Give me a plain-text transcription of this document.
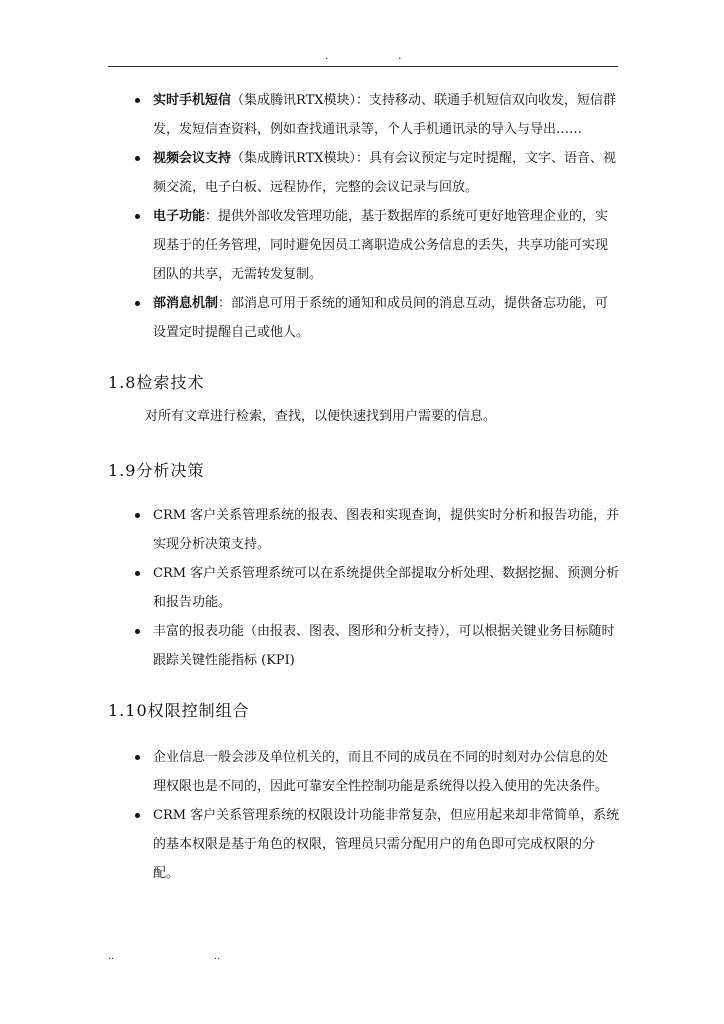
.	.
实时手机短信（集成腾讯RTX模块）：支持移动、联通手机短信双向收发，短信群发，发短信查资料，例如查找通讯录等，个人手机通讯录的导入与导出……
视频会议支持（集成腾讯RTX模块）：具有会议预定与定时提醒，文字、语音、视频交流，电子白板、远程协作，完整的会议记录与回放。
电子功能：提供外部收发管理功能，基于数据库的系统可更好地管理企业的，实现基于的任务管理，同时避免因员工离职造成公务信息的丢失，共享功能可实现团队的共享，无需转发复制。
部消息机制：部消息可用于系统的通知和成员间的消息互动，提供备忘功能，可设置定时提醒自己或他人。
1.8检索技术
对所有文章进行检索，查找，以便快速找到用户需要的信息。
1.9分析决策
CRM 客户关系管理系统的报表、图表和实现查询，提供实时分析和报告功能，并实现分析决策支持。
CRM 客户关系管理系统可以在系统提供全部提取分析处理、数据挖掘、预测分析和报告功能。
丰富的报表功能（由报表、图表、图形和分析支持），可以根据关键业务目标随时跟踪关键性能指标 (KPI)
1.10权限控制组合
企业信息一般会涉及单位机关的，而且不同的成员在不同的时刻对办公信息的处理权限也是不同的，因此可靠安全性控制功能是系统得以投入使用的先决条件。
CRM 客户关系管理系统的权限设计功能非常复杂，但应用起来却非常简单，系统的基本权限是基于角色的权限，管理员只需分配用户的角色即可完成权限的分配。
..	..
